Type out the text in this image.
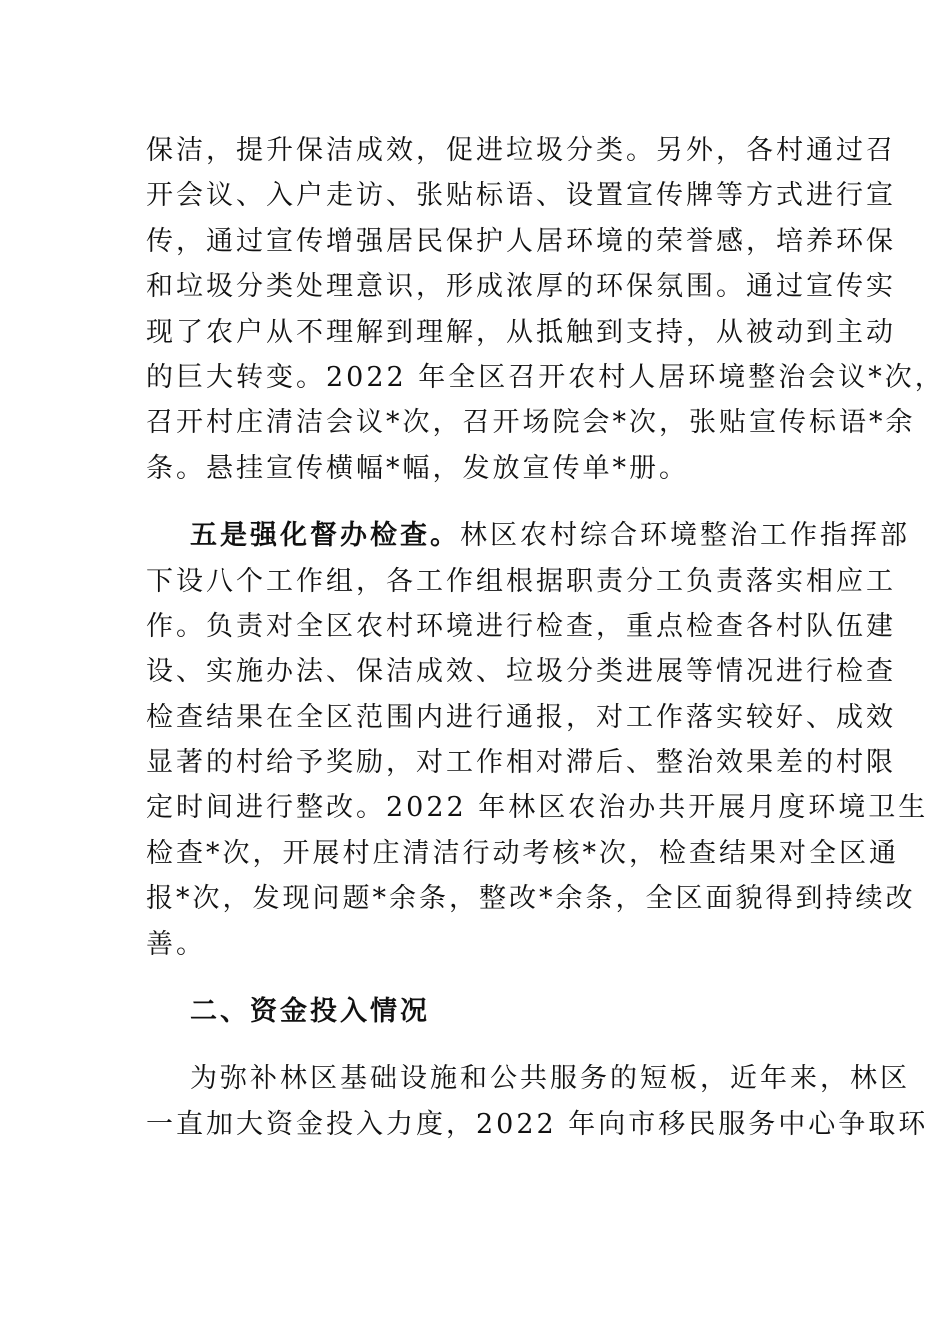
保洁，提升保洁成效，促进垃圾分类。另外，各村通过召
开会议、入户走访、张贴标语、设置宣传牌等方式进行宣
传，通过宣传增强居民保护人居环境的荣誉感，培养环保
和垃圾分类处理意识，形成浓厚的环保氛围。通过宣传实
现了农户从不理解到理解，从抵触到支持，从被动到主动
的巨大转变。2022 年全区召开农村人居环境整治会议*次，
召开村庄清洁会议*次，召开场院会*次，张贴宣传标语*余
条。悬挂宣传横幅*幅，发放宣传单*册。
五是强化督办检查。林区农村综合环境整治工作指挥部
下设八个工作组，各工作组根据职责分工负责落实相应工
作。负责对全区农村环境进行检查，重点检查各村队伍建
设、实施办法、保洁成效、垃圾分类进展等情况进行检查
检查结果在全区范围内进行通报，对工作落实较好、成效
显著的村给予奖励，对工作相对滞后、整治效果差的村限
定时间进行整改。2022 年林区农治办共开展月度环境卫生
检查*次，开展村庄清洁行动考核*次，检查结果对全区通
报*次，发现问题*余条，整改*余条，全区面貌得到持续改
善。
二、资金投入情况
为弥补林区基础设施和公共服务的短板，近年来，林区
一直加大资金投入力度，2022 年向市移民服务中心争取环
